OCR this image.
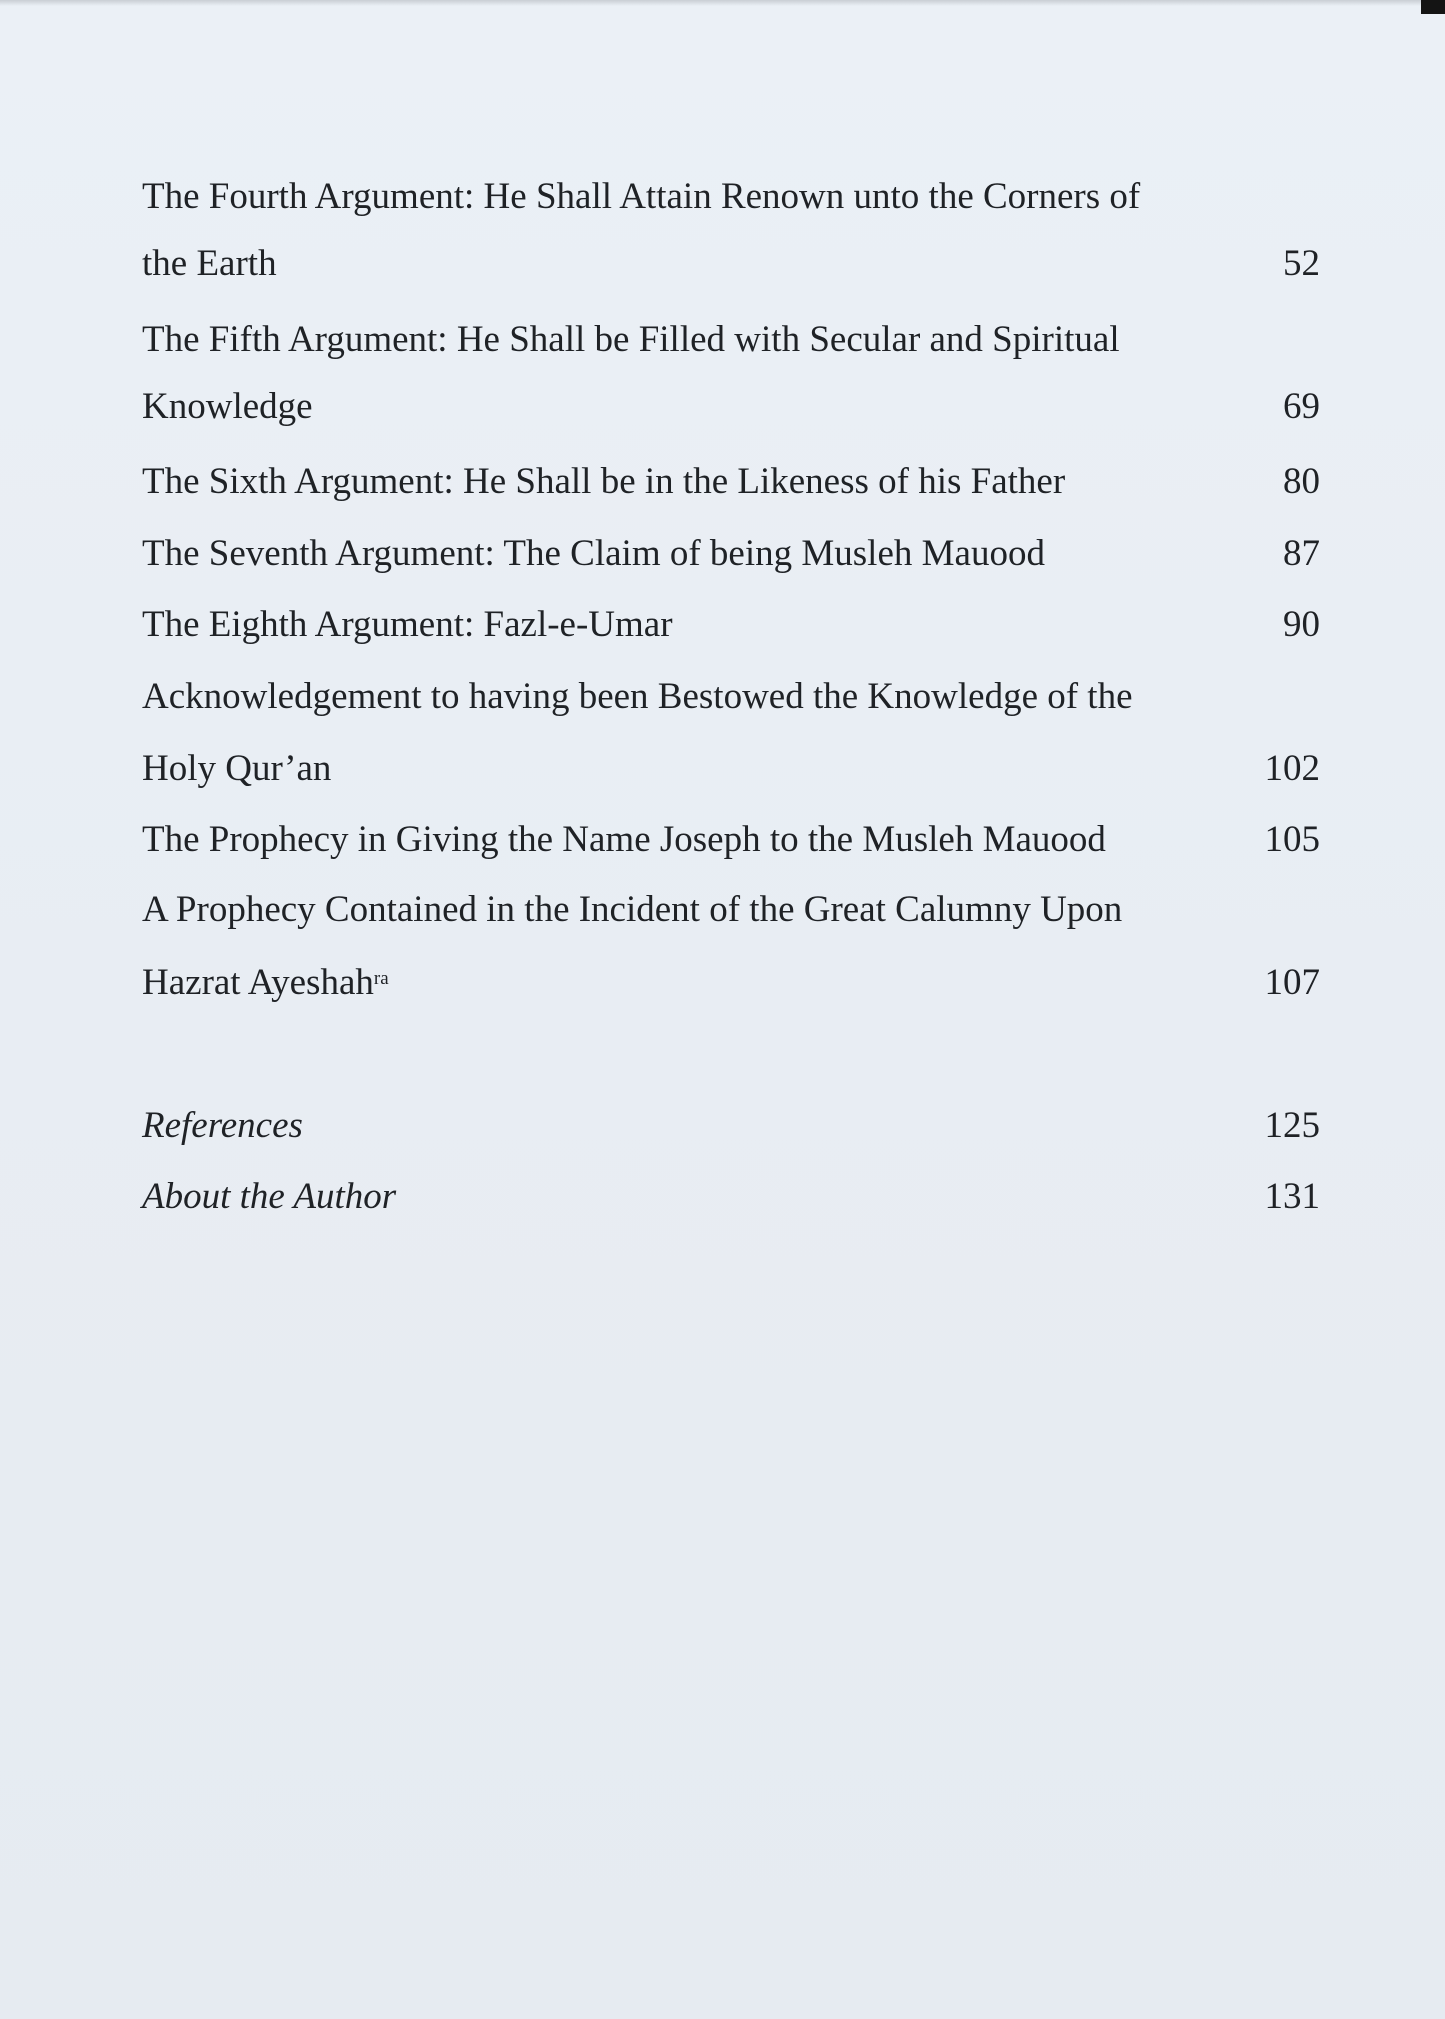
The Fourth Argument: He Shall Attain Renown unto the Corners of
the Earth	52
The Fifth Argument: He Shall be Filled with Secular and Spiritual
Knowledge	69
The Sixth Argument: He Shall be in the Likeness of his Father	80
The Seventh Argument: The Claim of being Musleh Mauood	87
The Eighth Argument: Fazl-e-Umar	90
Acknowledgement to having been Bestowed the Knowledge of the
Holy Qur’an	102
The Prophecy in Giving the Name Joseph to the Musleh Mauood	105
A Prophecy Contained in the Incident of the Great Calumny Upon
Hazrat Ayeshah$^{ra}$	107
References	125
About the Author	131
